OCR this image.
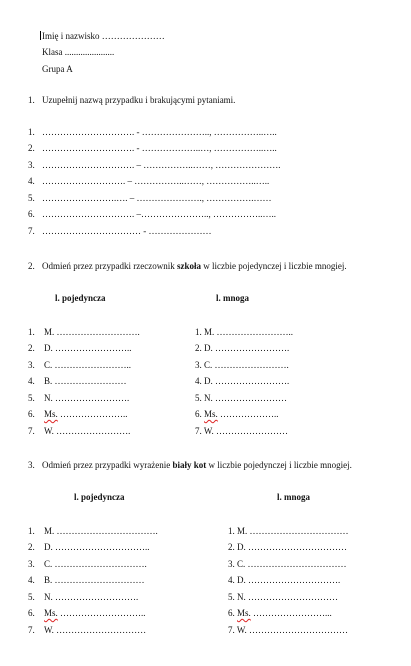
Imię i nazwisko …………………
Klasa ......................
Grupa A
1. Uzupełnij nazwą przypadku i brakującymi pytaniami.
1. …………………………. - ………………….., ……………..…..
2. …………………………. - ………………..…, ……………..…..
3. …………………………. – ……………..……, ………………….
4. ………………………. – ……………..……, ……………..…..
5. …………………….…. – …………………., …………….……
6. …………………………. –………………….., ……………..…..
7. …………………………… - …………………
2. Odmień przez przypadki rzeczownik szkoła w liczbie pojedynczej i liczbie mnogiej.
l. pojedyncza	l. mnoga
1. M. ……………………….	1. M. ……………………..
2. D. ……………………..	2. D. …………………….
3. C. ……………………..	3. C. …………………….
4. B. ……………………	4. D. …………………….
5. N. …………………….	5. N. ……………………
6. Ms. …………………..	6. Ms. ………………..
7. W. …………………….	7. W. ……………………
3. Odmień przez przypadki wyrażenie biały kot w liczbie pojedynczej i liczbie mnogiej.
l. pojedyncza	l. mnoga
1. M. …………………………….	1. M. ……………………………
2. D. …………………………..	2. D. ……………………………
3. C. ………………………….	3. C. ……………………………
4. B. …………………………	4. D. ………………………….
5. N. ……………………….	5. N. …………………………
6. Ms. ………………………..	6. Ms. ……………………...
7. W. …………………………	7. W. ……………………………
